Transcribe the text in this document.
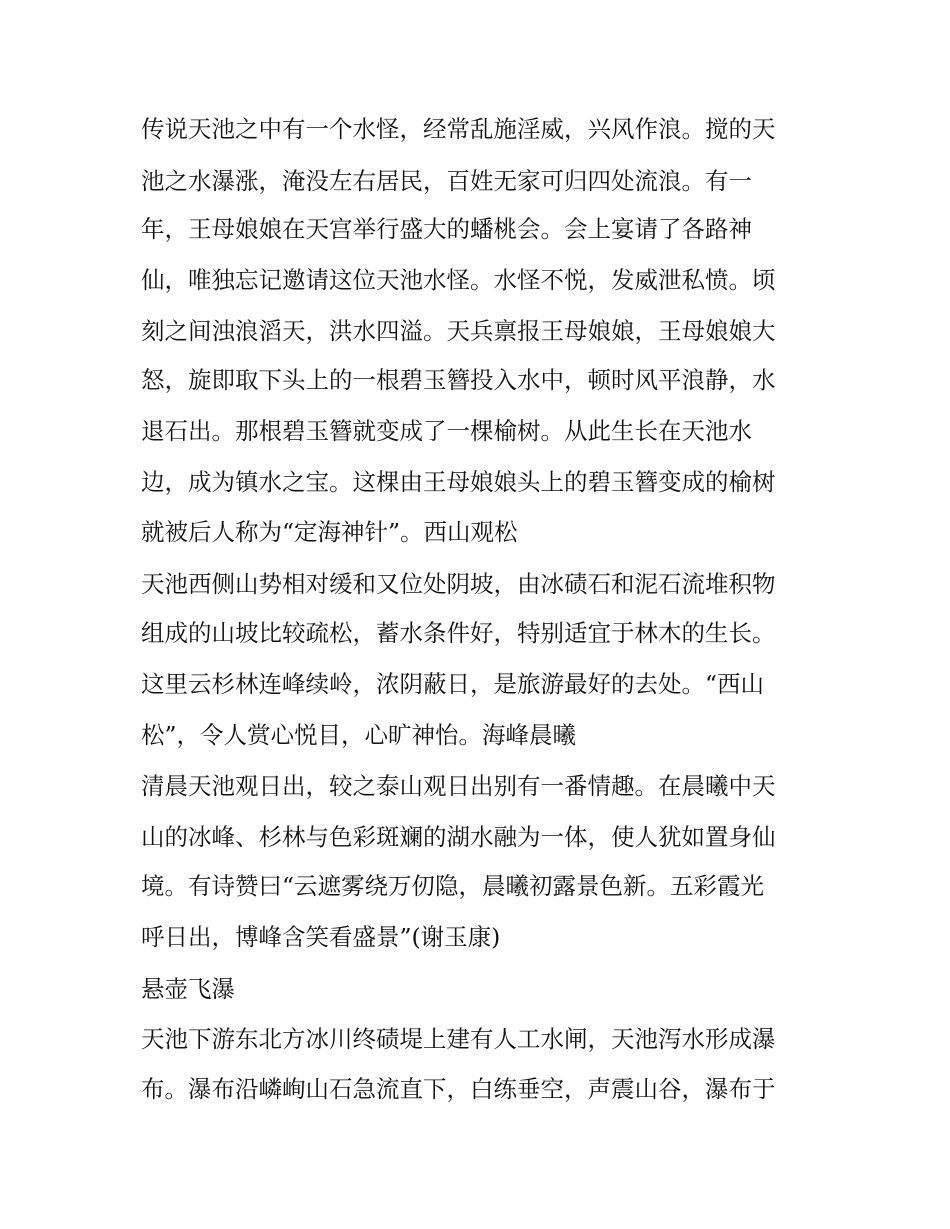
传说天池之中有一个水怪，经常乱施淫威，兴风作浪。搅的天
池之水瀑涨，淹没左右居民，百姓无家可归四处流浪。有一
年，王母娘娘在天宫举行盛大的蟠桃会。会上宴请了各路神
仙，唯独忘记邀请这位天池水怪。水怪不悦，发威泄私愤。顷
刻之间浊浪滔天，洪水四溢。天兵禀报王母娘娘，王母娘娘大
怒，旋即取下头上的一根碧玉簪投入水中，顿时风平浪静，水
退石出。那根碧玉簪就变成了一棵榆树。从此生长在天池水
边，成为镇水之宝。这棵由王母娘娘头上的碧玉簪变成的榆树
就被后人称为“定海神针”。西山观松
天池西侧山势相对缓和又位处阴坡，由冰碛石和泥石流堆积物
组成的山坡比较疏松，蓄水条件好，特别适宜于林木的生长。
这里云杉林连峰续岭，浓阴蔽日，是旅游最好的去处。“西山
松”，令人赏心悦目，心旷神怡。海峰晨曦
清晨天池观日出，较之泰山观日出别有一番情趣。在晨曦中天
山的冰峰、杉林与色彩斑斓的湖水融为一体，使人犹如置身仙
境。有诗赞曰“云遮雾绕万仞隐，晨曦初露景色新。五彩霞光
呼日出，博峰含笑看盛景”(谢玉康)
悬壶飞瀑
天池下游东北方冰川终碛堤上建有人工水闸，天池泻水形成瀑
布。瀑布沿嶙峋山石急流直下，白练垂空，声震山谷，瀑布于
